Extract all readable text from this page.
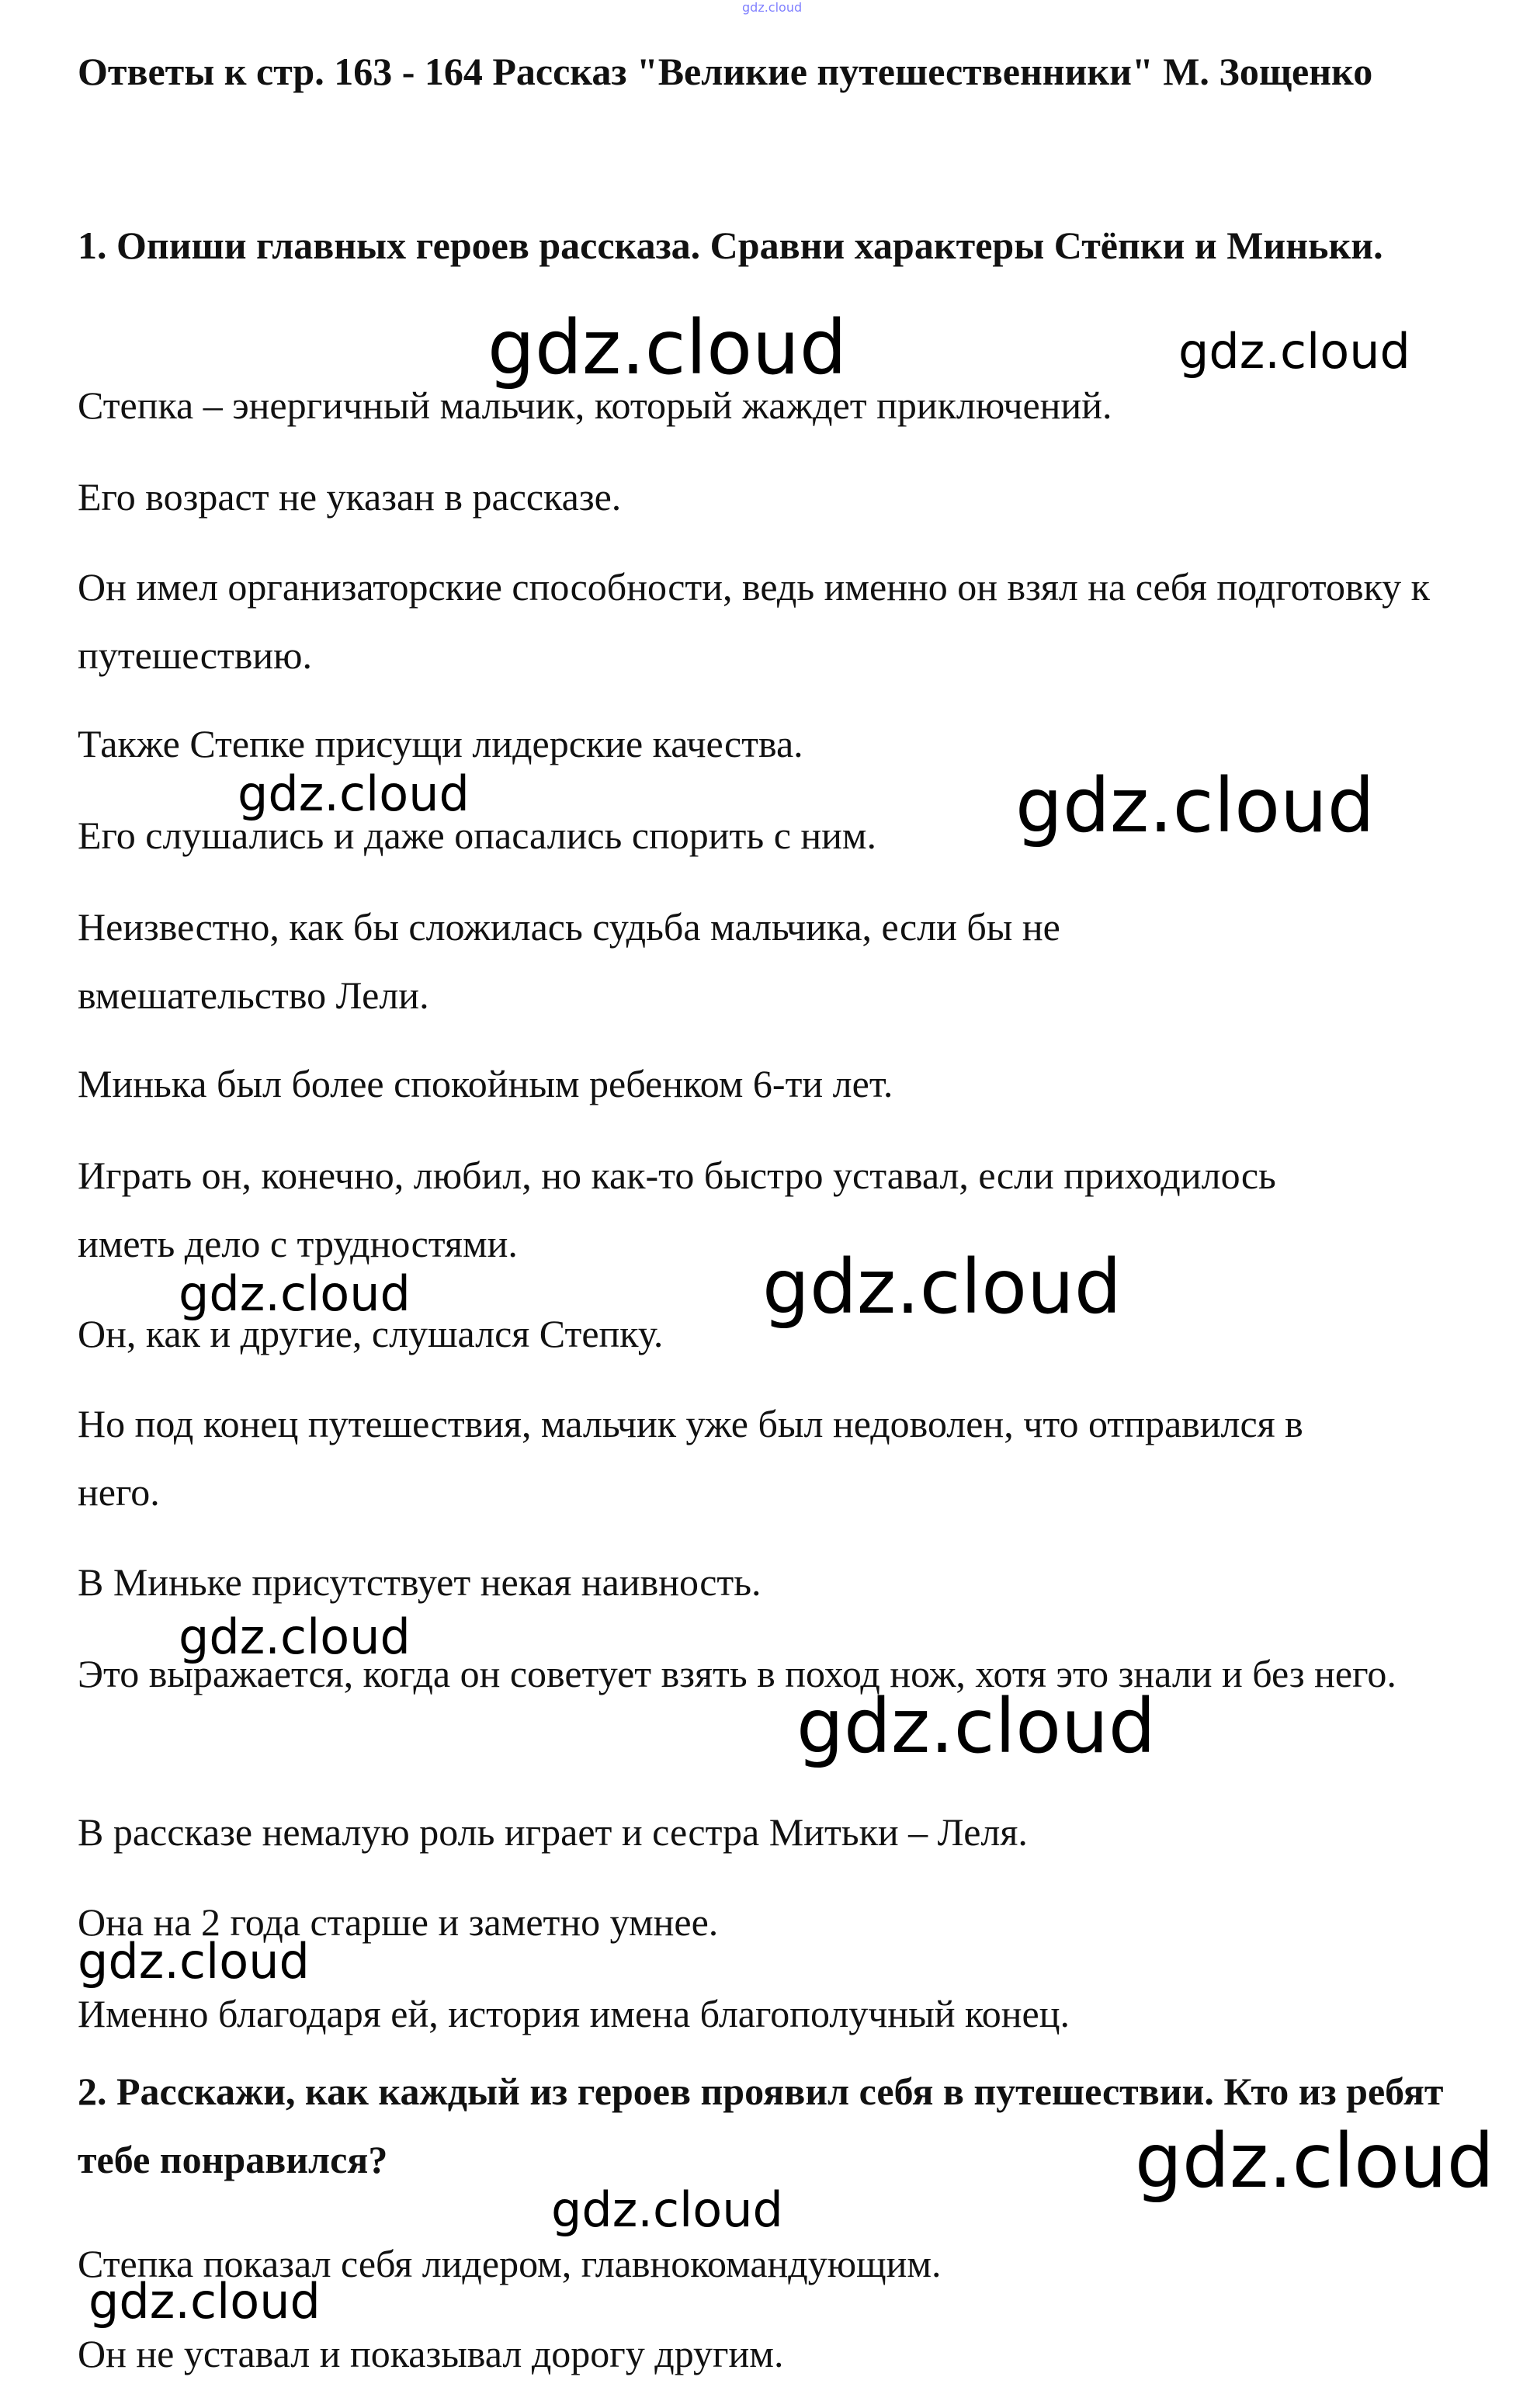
gdz.cloud
Ответы к стр. 163 - 164 Рассказ "Великие путешественники" М. Зощенко
1. Опиши главных героев рассказа. Сравни характеры Стёпки и Миньки.
Степка – энергичный мальчик, который жаждет приключений.
Его возраст не указан в рассказе.
Он имел организаторские способности, ведь именно он взял на себя подготовку к путешествию.
Также Степке присущи лидерские качества.
Его слушались и даже опасались спорить с ним.
Неизвестно, как бы сложилась судьба мальчика, если бы не вмешательство Лели.
Минька был более спокойным ребенком 6-ти лет.
Играть он, конечно, любил, но как-то быстро уставал, если приходилось иметь дело с трудностями.
Он, как и другие, слушался Степку.
Но под конец путешествия, мальчик уже был недоволен, что отправился в него.
В Миньке присутствует некая наивность.
Это выражается, когда он советует взять в поход нож, хотя это знали и без него.
В рассказе немалую роль играет и сестра Митьки – Леля.
Она на 2 года старше и заметно умнее.
Именно благодаря ей, история имена благополучный конец.
2. Расскажи, как каждый из героев проявил себя в путешествии. Кто из ребят тебе понравился?
Степка показал себя лидером, главнокомандующим.
Он не уставал и показывал дорогу другим.
gdz.cloud	gdz.cloud
gdz.cloud	gdz.cloud
gdz.cloud	gdz.cloud
gdz.cloud
gdz.cloud
gdz.cloud
gdz.cloud
gdz.cloud
gdz.cloud
